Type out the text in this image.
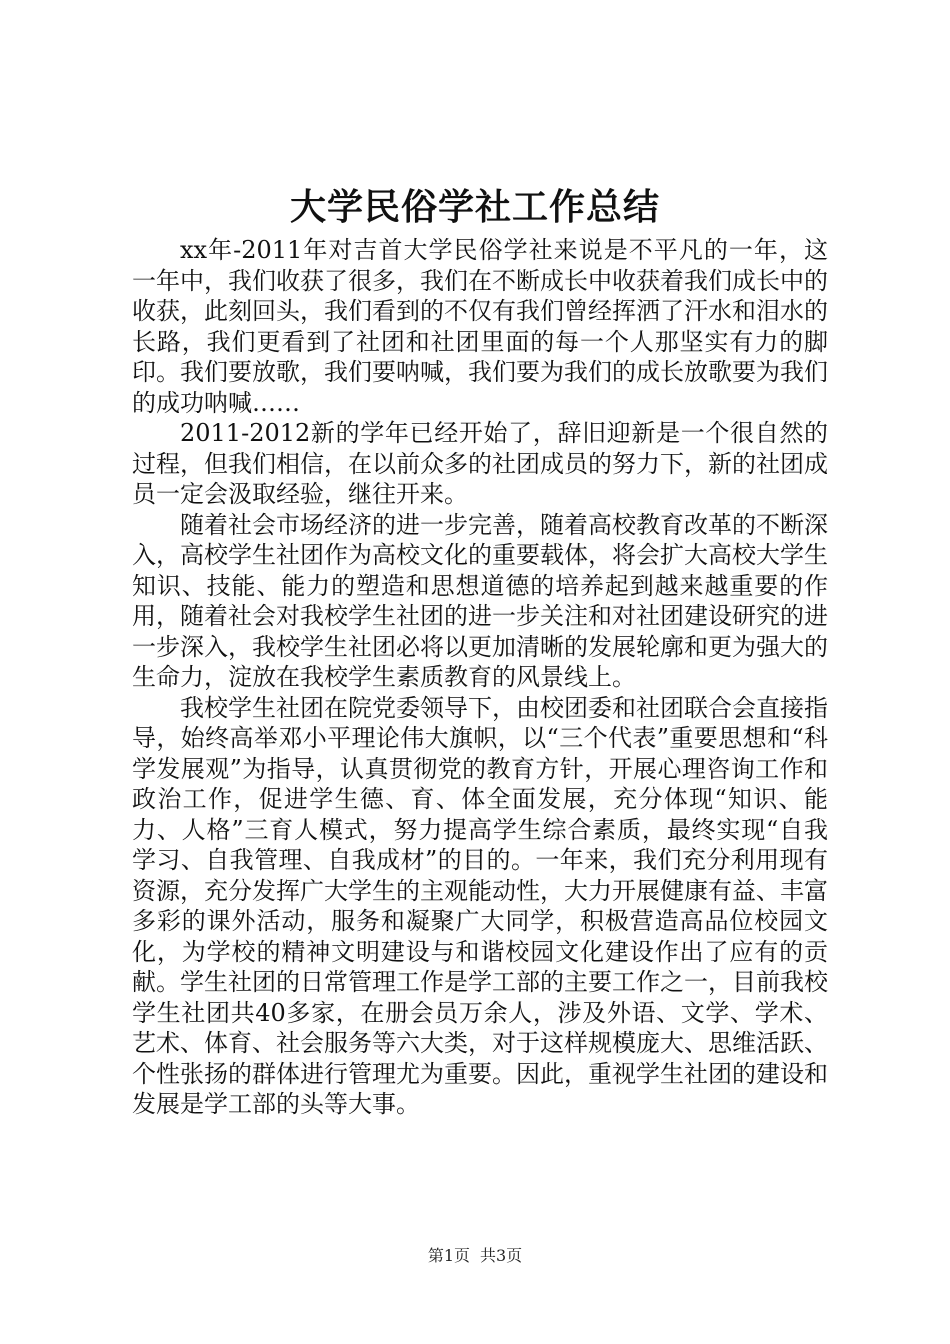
大学民俗学社工作总结

xx年-2011年对吉首大学民俗学社来说是不平凡的一年，这一年中，我们收获了很多，我们在不断成长中收获着我们成长中的收获，此刻回头，我们看到的不仅有我们曾经挥洒了汗水和泪水的长路，我们更看到了社团和社团里面的每一个人那坚实有力的脚印。我们要放歌，我们要呐喊，我们要为我们的成长放歌要为我们的成功呐喊……

2011-2012新的学年已经开始了，辞旧迎新是一个很自然的过程，但我们相信，在以前众多的社团成员的努力下，新的社团成员一定会汲取经验，继往开来。

随着社会市场经济的进一步完善，随着高校教育改革的不断深入，高校学生社团作为高校文化的重要载体，将会扩大高校大学生知识、技能、能力的塑造和思想道德的培养起到越来越重要的作用，随着社会对我校学生社团的进一步关注和对社团建设研究的进一步深入，我校学生社团必将以更加清晰的发展轮廓和更为强大的生命力，淀放在我校学生素质教育的风景线上。

我校学生社团在院党委领导下，由校团委和社团联合会直接指导，始终高举邓小平理论伟大旗帜，以“三个代表”重要思想和“科学发展观”为指导，认真贯彻党的教育方针，开展心理咨询工作和政治工作，促进学生德、育、体全面发展，充分体现“知识、能力、人格”三育人模式，努力提高学生综合素质，最终实现“自我学习、自我管理、自我成材”的目的。一年来，我们充分利用现有资源，充分发挥广大学生的主观能动性，大力开展健康有益、丰富多彩的课外活动，服务和凝聚广大同学，积极营造高品位校园文化，为学校的精神文明建设与和谐校园文化建设作出了应有的贡献。学生社团的日常管理工作是学工部的主要工作之一，目前我校学生社团共40多家，在册会员万余人，涉及外语、文学、学术、艺术、体育、社会服务等六大类，对于这样规模庞大、思维活跃、个性张扬的群体进行管理尤为重要。因此，重视学生社团的建设和发展是学工部的头等大事。

第1页 共3页
